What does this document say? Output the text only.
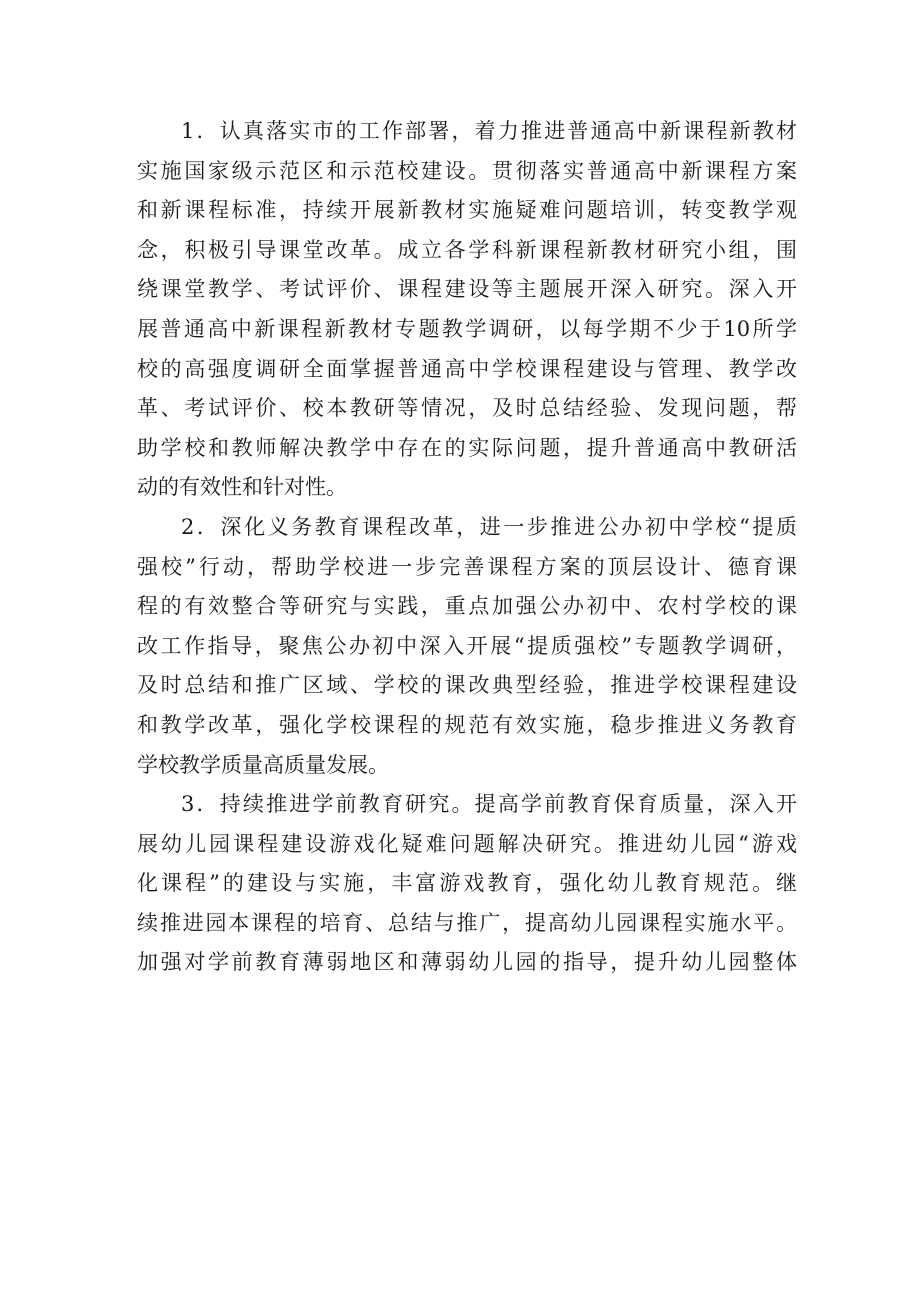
1．认真落实市的工作部署，着力推进普通高中新课程新教材
实施国家级示范区和示范校建设。贯彻落实普通高中新课程方案
和新课程标准，持续开展新教材实施疑难问题培训，转变教学观
念，积极引导课堂改革。成立各学科新课程新教材研究小组，围
绕课堂教学、考试评价、课程建设等主题展开深入研究。深入开
展普通高中新课程新教材专题教学调研，以每学期不少于10所学
校的高强度调研全面掌握普通高中学校课程建设与管理、教学改
革、考试评价、校本教研等情况，及时总结经验、发现问题，帮
助学校和教师解决教学中存在的实际问题，提升普通高中教研活
动的有效性和针对性。
2．深化义务教育课程改革，进一步推进公办初中学校“提质
强校”行动，帮助学校进一步完善课程方案的顶层设计、德育课
程的有效整合等研究与实践，重点加强公办初中、农村学校的课
改工作指导，聚焦公办初中深入开展“提质强校”专题教学调研，
及时总结和推广区域、学校的课改典型经验，推进学校课程建设
和教学改革，强化学校课程的规范有效实施，稳步推进义务教育
学校教学质量高质量发展。
3．持续推进学前教育研究。提高学前教育保育质量，深入开
展幼儿园课程建设游戏化疑难问题解决研究。推进幼儿园“游戏
化课程”的建设与实施，丰富游戏教育，强化幼儿教育规范。继
续推进园本课程的培育、总结与推广，提高幼儿园课程实施水平。
加强对学前教育薄弱地区和薄弱幼儿园的指导，提升幼儿园整体
